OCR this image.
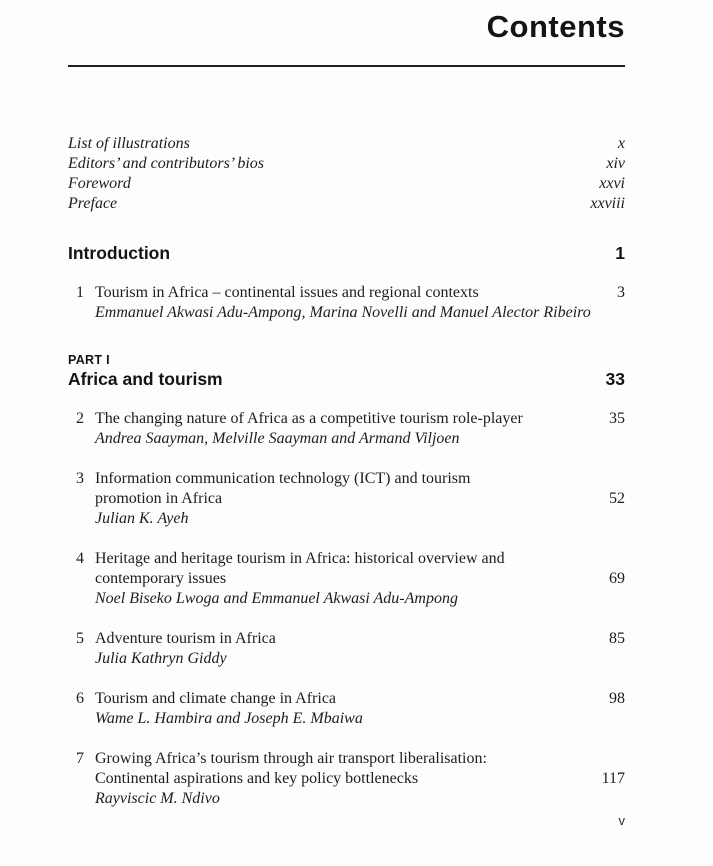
Contents
List of illustrations	x
Editors’ and contributors’ bios	xiv
Foreword	xxvi
Preface	xxviii
Introduction	1
1 Tourism in Africa – continental issues and regional contexts	3
Emmanuel Akwasi Adu-Ampong, Marina Novelli and Manuel Alector Ribeiro
PART I
Africa and tourism	33
2 The changing nature of Africa as a competitive tourism role-player	35
Andrea Saayman, Melville Saayman and Armand Viljoen
3 Information communication technology (ICT) and tourism
promotion in Africa	52
Julian K. Ayeh
4 Heritage and heritage tourism in Africa: historical overview and
contemporary issues	69
Noel Biseko Lwoga and Emmanuel Akwasi Adu-Ampong
5 Adventure tourism in Africa	85
Julia Kathryn Giddy
6 Tourism and climate change in Africa	98
Wame L. Hambira and Joseph E. Mbaiwa
7 Growing Africa’s tourism through air transport liberalisation:
Continental aspirations and key policy bottlenecks	117
Rayviscic M. Ndivo
v
